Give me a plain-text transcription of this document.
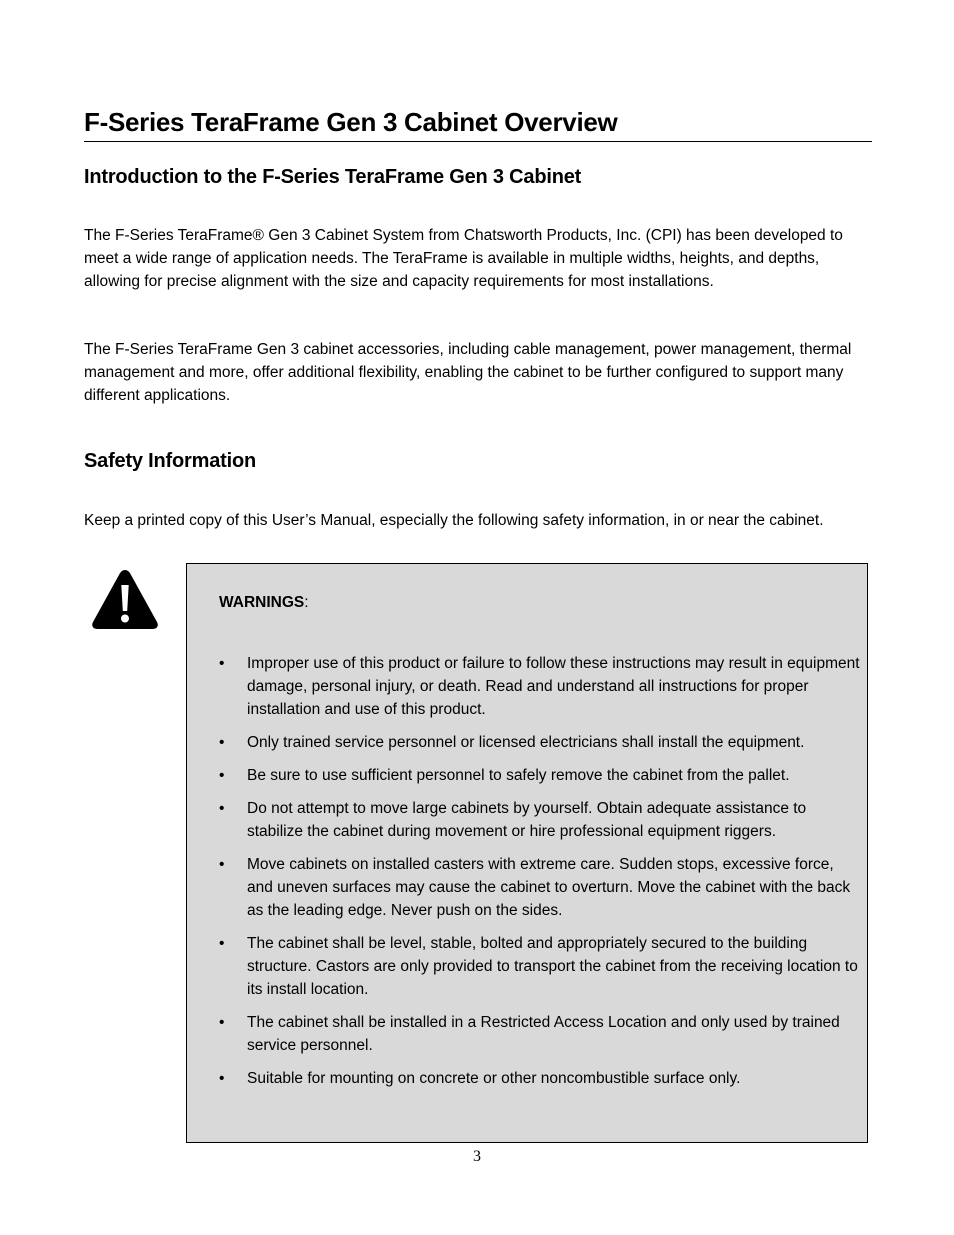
F-Series TeraFrame Gen 3 Cabinet Overview
Introduction to the F-Series TeraFrame Gen 3 Cabinet

The F-Series TeraFrame® Gen 3 Cabinet System from Chatsworth Products, Inc. (CPI) has been developed to meet a wide range of application needs. The TeraFrame is available in multiple widths, heights, and depths, allowing for precise alignment with the size and capacity requirements for most installations.

The F-Series TeraFrame Gen 3 cabinet accessories, including cable management, power management, thermal management and more, offer additional flexibility, enabling the cabinet to be further configured to support many different applications.

Safety Information

Keep a printed copy of this User’s Manual, especially the following safety information, in or near the cabinet.

WARNINGS:
• Improper use of this product or failure to follow these instructions may result in equipment damage, personal injury, or death. Read and understand all instructions for proper installation and use of this product.
• Only trained service personnel or licensed electricians shall install the equipment.
• Be sure to use sufficient personnel to safely remove the cabinet from the pallet.
• Do not attempt to move large cabinets by yourself. Obtain adequate assistance to stabilize the cabinet during movement or hire professional equipment riggers.
• Move cabinets on installed casters with extreme care. Sudden stops, excessive force, and uneven surfaces may cause the cabinet to overturn. Move the cabinet with the back as the leading edge. Never push on the sides.
• The cabinet shall be level, stable, bolted and appropriately secured to the building structure. Castors are only provided to transport the cabinet from the receiving location to its install location.
• The cabinet shall be installed in a Restricted Access Location and only used by trained service personnel.
• Suitable for mounting on concrete or other noncombustible surface only.
3
